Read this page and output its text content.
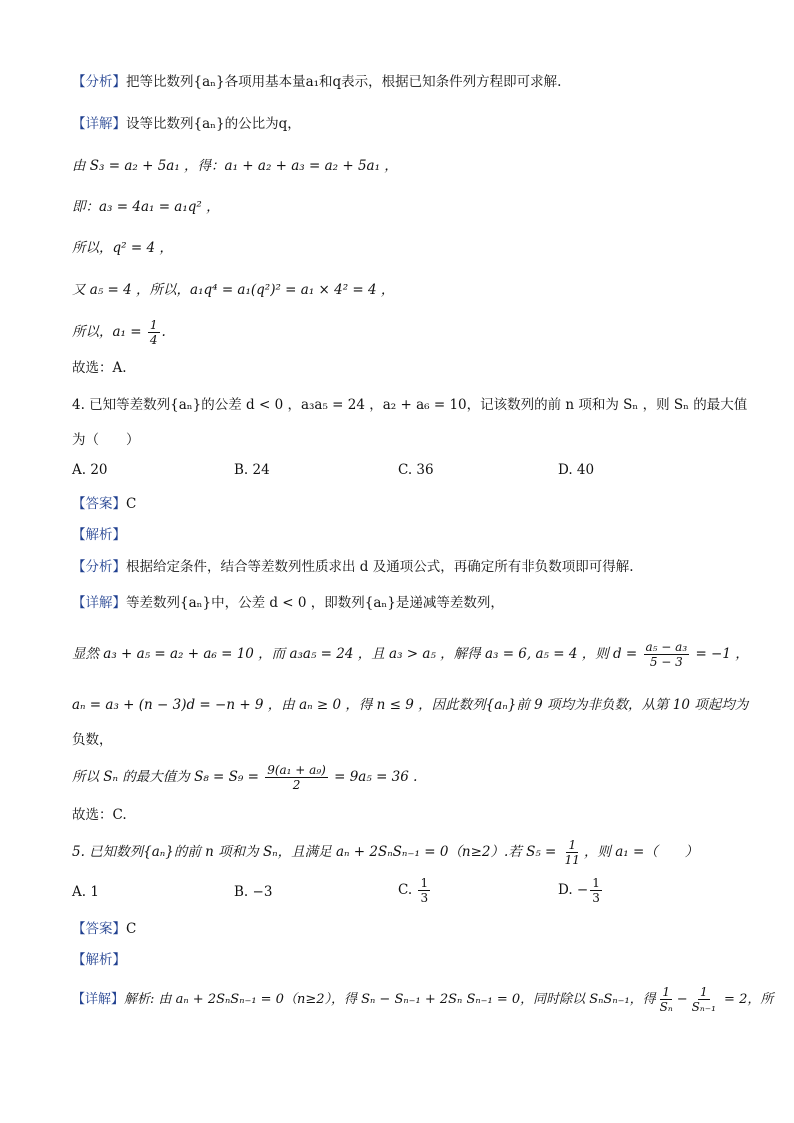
【分析】把等比数列{aₙ}各项用基本量a₁和q表示，根据已知条件列方程即可求解.
【详解】设等比数列{aₙ}的公比为q，
由 S₃ = a₂ + 5a₁ ，得：a₁ + a₂ + a₃ = a₂ + 5a₁ ，
即：a₃ = 4a₁ = a₁q² ，
所以，q² = 4 ，
又 a₅ = 4 ，所以，a₁q⁴ = a₁(q²)² = a₁ × 4² = 4 ，
所以，$a_1 = \frac{1}{4}$ .
故选：A.
4. 已知等差数列{aₙ}的公差 d < 0 ，a₃a₅ = 24 ，a₂ + a₆ = 10，记该数列的前 n 项和为 Sₙ ，则 Sₙ 的最大值
为（　　）
A. 20	B. 24	C. 36	D. 40
【答案】C
【解析】
【分析】根据给定条件，结合等差数列性质求出 d 及通项公式，再确定所有非负数项即可得解.
【详解】等差数列{aₙ}中，公差 d < 0 ，即数列{aₙ}是递减等差数列，
显然 a₃ + a₅ = a₂ + a₆ = 10 ，而 a₃a₅ = 24 ，且 a₃ > a₅ ，解得 a₃ = 6, a₅ = 4 ，则 $d = \frac{\text{a₅ − a₃}}{5 - 3} = -1$ ，
aₙ = a₃ + (n − 3)d = −n + 9 ，由 aₙ ≥ 0 ，得 n ≤ 9 ，因此数列{aₙ}前 9 项均为非负数，从第 10 项起均为
负数，
所以 Sₙ 的最大值为 $S_8 = S_9 = \frac{\text{9(a₁ + a₉)}}{2} = 9a_5 = 36$ .
故选：C.
5. 已知数列{aₙ}的前 n 项和为 Sₙ，且满足 aₙ + 2SₙSₙ₋₁ = 0（n≥2）.若 $S_5 = \frac{1}{11}$ ，则 a₁ =（　　）
A. 1	B. −3	C. $\frac{1}{3}$	D. − $\frac{1}{3}$
【答案】C
【解析】
【详解】解析: 由 aₙ + 2SₙSₙ₋₁ = 0（n≥2），得 Sₙ − Sₙ₋₁ + 2Sₙ Sₙ₋₁ = 0，同时除以 SₙSₙ₋₁，得 $\frac{1}{\text{Sₙ}} - \frac{1}{\text{Sₙ₋₁}} = 2$，所
